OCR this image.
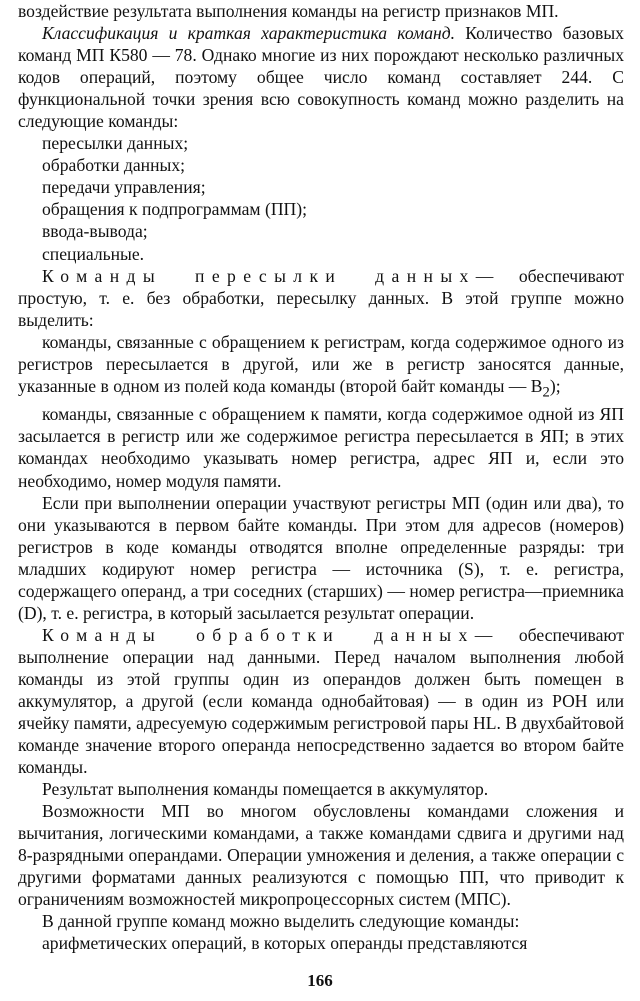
воздействие результата выполнения команды на регистр признаков МП.

Классификация и краткая характеристика команд. Количество базовых команд МП К580 — 78. Однако многие из них порождают несколько различных кодов операций, поэтому общее число команд составляет 244. С функциональной точки зрения всю совокупность команд можно разделить на следующие команды:

пересылки данных;
обработки данных;
передачи управления;
обращения к подпрограммам (ПП);
ввода-вывода;
специальные.

Команды пересылки данных— обеспечивают простую, т. е. без обработки, пересылку данных. В этой группе можно выделить:

команды, связанные с обращением к регистрам, когда содержимое одного из регистров пересылается в другой, или же в регистр заносятся данные, указанные в одном из полей кода команды (второй байт команды — $B_2$);

команды, связанные с обращением к памяти, когда содержимое одной из ЯП засылается в регистр или же содержимое регистра пересылается в ЯП; в этих командах необходимо указывать номер регистра, адрес ЯП и, если это необходимо, номер модуля памяти.

Если при выполнении операции участвуют регистры МП (один или два), то они указываются в первом байте команды. При этом для адресов (номеров) регистров в коде команды отводятся вполне определенные разряды: три младших кодируют номер регистра — источника (S), т. е. регистра, содержащего операнд, а три соседних (старших) — номер регистра—приемника (D), т. е. регистра, в который засылается результат операции.

Команды обработки данных— обеспечивают выполнение операции над данными. Перед началом выполнения любой команды из этой группы один из операндов должен быть помещен в аккумулятор, а другой (если команда однобайтовая) — в один из РОН или ячейку памяти, адресуемую содержимым регистровой пары HL. В двухбайтовой команде значение второго операнда непосредственно задается во втором байте команды.

Результат выполнения команды помещается в аккумулятор.

Возможности МП во многом обусловлены командами сложения и вычитания, логическими командами, а также командами сдвига и другими над 8-разрядными операндами. Операции умножения и деления, а также операции с другими форматами данных реализуются с помощью ПП, что приводит к ограничениям возможностей микропроцессорных систем (МПС).

В данной группе команд можно выделить следующие команды:

арифметических операций, в которых операнды представляются

166
